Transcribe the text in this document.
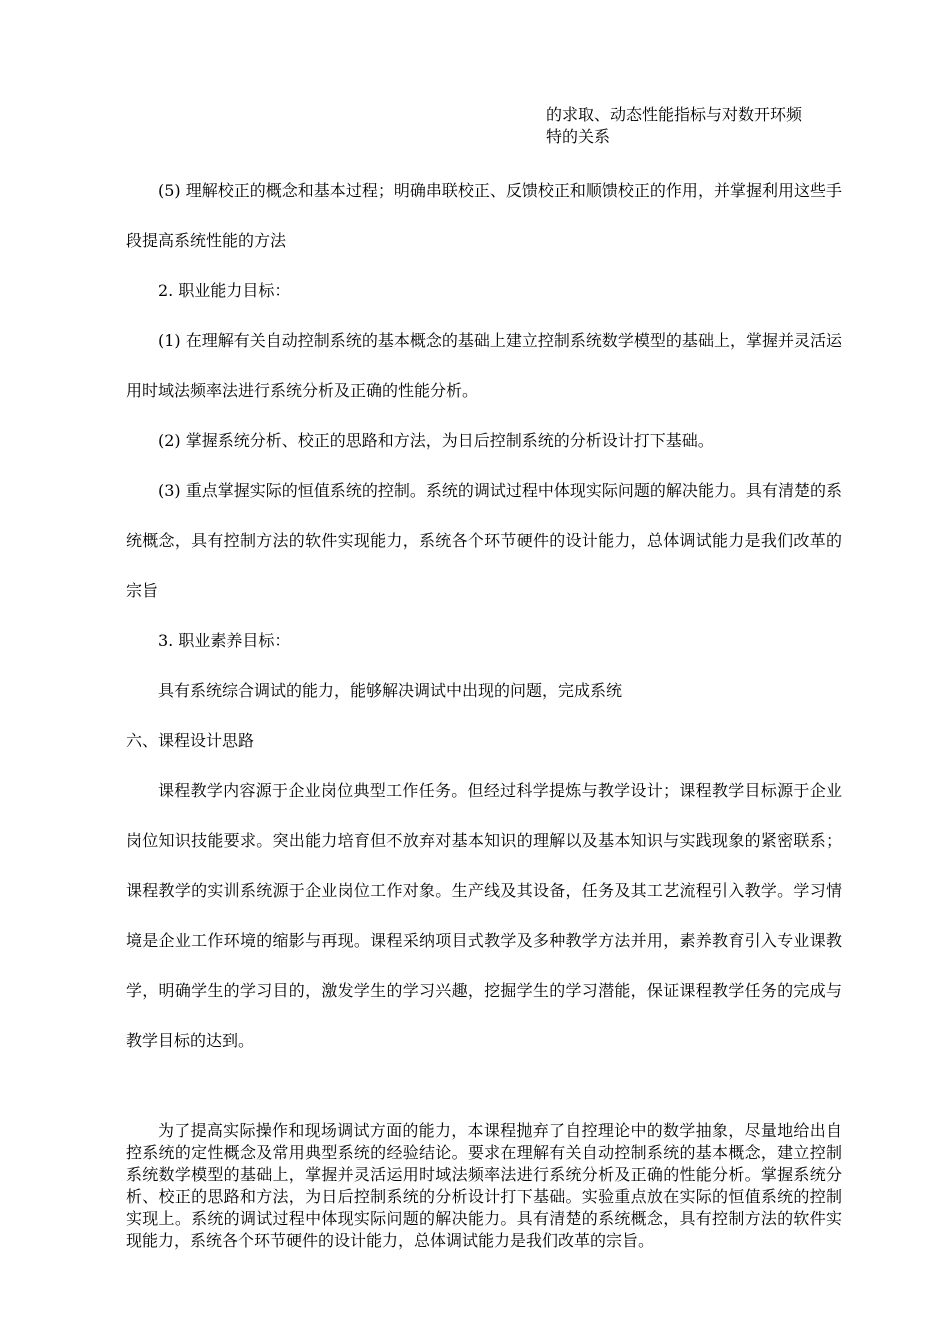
的求取、动态性能指标与对数开环频
特的关系

(5) 理解校正的概念和基本过程；明确串联校正、反馈校正和顺馈校正的作用，并掌握利用这些手段提高系统性能的方法

2. 职业能力目标：

(1) 在理解有关自动控制系统的基本概念的基础上建立控制系统数学模型的基础上，掌握并灵活运用时域法频率法进行系统分析及正确的性能分析。

(2) 掌握系统分析、校正的思路和方法，为日后控制系统的分析设计打下基础。

(3) 重点掌握实际的恒值系统的控制。系统的调试过程中体现实际问题的解决能力。具有清楚的系统概念，具有控制方法的软件实现能力，系统各个环节硬件的设计能力，总体调试能力是我们改革的宗旨

3. 职业素养目标：

具有系统综合调试的能力，能够解决调试中出现的问题，完成系统

六、课程设计思路

课程教学内容源于企业岗位典型工作任务。但经过科学提炼与教学设计；课程教学目标源于企业岗位知识技能要求。突出能力培育但不放弃对基本知识的理解以及基本知识与实践现象的紧密联系；课程教学的实训系统源于企业岗位工作对象。生产线及其设备，任务及其工艺流程引入教学。学习情境是企业工作环境的缩影与再现。课程采纳项目式教学及多种教学方法并用，素养教育引入专业课教学，明确学生的学习目的，激发学生的学习兴趣，挖掘学生的学习潜能，保证课程教学任务的完成与教学目标的达到。

为了提高实际操作和现场调试方面的能力，本课程抛弃了自控理论中的数学抽象，尽量地给出自控系统的定性概念及常用典型系统的经验结论。要求在理解有关自动控制系统的基本概念，建立控制系统数学模型的基础上，掌握并灵活运用时域法频率法进行系统分析及正确的性能分析。掌握系统分析、校正的思路和方法，为日后控制系统的分析设计打下基础。实验重点放在实际的恒值系统的控制实现上。系统的调试过程中体现实际问题的解决能力。具有清楚的系统概念，具有控制方法的软件实现能力，系统各个环节硬件的设计能力，总体调试能力是我们改革的宗旨。
